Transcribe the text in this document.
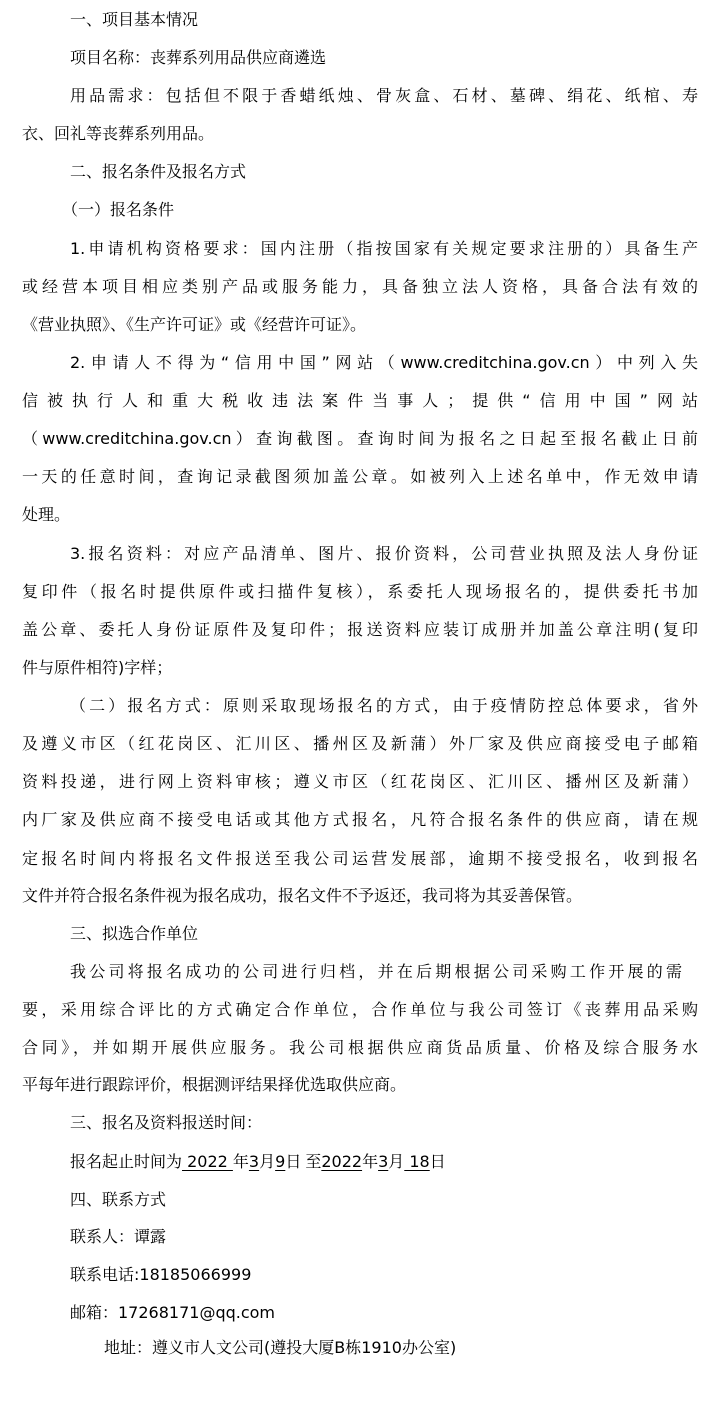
一、项目基本情况
项目名称：丧葬系列用品供应商遴选
用品需求：包括但不限于香蜡纸烛、骨灰盒、石材、墓碑、绢花、纸棺、寿
衣、回礼等丧葬系列用品。
二、报名条件及报名方式
（一）报名条件
1.申请机构资格要求：国内注册（指按国家有关规定要求注册的）具备生产
或经营本项目相应类别产品或服务能力，具备独立法人资格，具备合法有效的
《营业执照》、《生产许可证》或《经营许可证》。
2.申请人不得为“信用中国”网站（www.creditchina.gov.cn）中列入失
信被执行人和重大税收违法案件当事人；提供“信用中国”网站
（www.creditchina.gov.cn）查询截图。查询时间为报名之日起至报名截止日前
一天的任意时间，查询记录截图须加盖公章。如被列入上述名单中，作无效申请
处理。
3.报名资料：对应产品清单、图片、报价资料，公司营业执照及法人身份证
复印件（报名时提供原件或扫描件复核），系委托人现场报名的，提供委托书加
盖公章、委托人身份证原件及复印件；报送资料应装订成册并加盖公章注明(复印
件与原件相符)字样；
（二）报名方式：原则采取现场报名的方式，由于疫情防控总体要求，省外
及遵义市区（红花岗区、汇川区、播州区及新蒲）外厂家及供应商接受电子邮箱
资料投递，进行网上资料审核；遵义市区（红花岗区、汇川区、播州区及新蒲）
内厂家及供应商不接受电话或其他方式报名，凡符合报名条件的供应商，请在规
定报名时间内将报名文件报送至我公司运营发展部，逾期不接受报名，收到报名
文件并符合报名条件视为报名成功，报名文件不予返还，我司将为其妥善保管。
三、拟选合作单位
我公司将报名成功的公司进行归档，并在后期根据公司采购工作开展的需
要，采用综合评比的方式确定合作单位，合作单位与我公司签订《丧葬用品采购
合同》，并如期开展供应服务。我公司根据供应商货品质量、价格及综合服务水
平每年进行跟踪评价，根据测评结果择优选取供应商。
三、报名及资料报送时间：
报名起止时间为 2022 年3月9日 至2022年3月 18日
四、联系方式
联系人：谭露
联系电话:18185066999
邮箱：17268171@qq.com
地址：遵义市人文公司(遵投大厦B栋1910办公室)
